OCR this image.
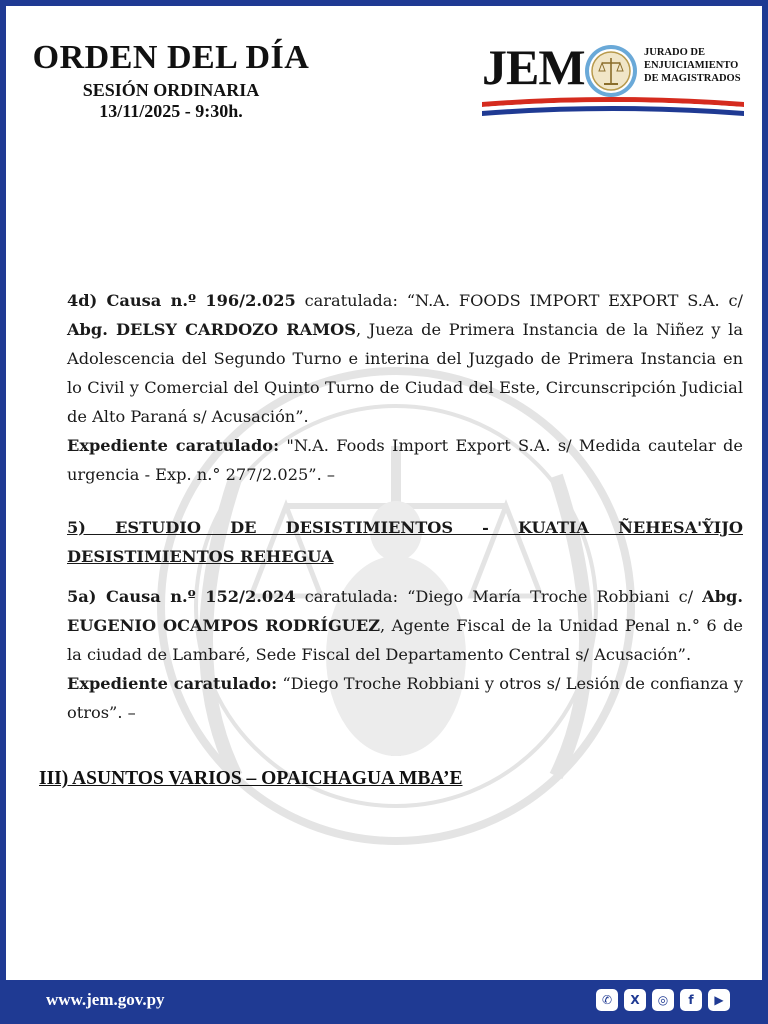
ORDEN DEL DÍA
SESIÓN ORDINARIA
13/11/2025 - 9:30h.
JEM	JURADO DE
ENJUICIAMIENTO
DE MAGISTRADOS

4d) Causa n.º 196/2.025 caratulada: “N.A. FOODS IMPORT EXPORT S.A. c/ Abg. DELSY CARDOZO RAMOS, Jueza de Primera Instancia de la Niñez y la Adolescencia del Segundo Turno e interina del Juzgado de Primera Instancia en lo Civil y Comercial del Quinto Turno de Ciudad del Este, Circunscripción Judicial de Alto Paraná s/ Acusación”.

Expediente caratulado: "N.A. Foods Import Export S.A. s/ Medida cautelar de urgencia - Exp. n.° 277/2.025”. –

5) ESTUDIO DE DESISTIMIENTOS - KUATIA ÑEHESA'ỸIJO

DESISTIMIENTOS REHEGUA

5a) Causa n.º 152/2.024 caratulada: “Diego María Troche Robbiani c/ Abg. EUGENIO OCAMPOS RODRÍGUEZ, Agente Fiscal de la Unidad Penal n.° 6 de la ciudad de Lambaré, Sede Fiscal del Departamento Central s/ Acusación”.

Expediente caratulado: “Diego Troche Robbiani y otros s/ Lesión de confianza y otros”. –

III) ASUNTOS VARIOS – OPAICHAGUA MBA’E
www.jem.gov.py	✆	X	◎	f	▶
